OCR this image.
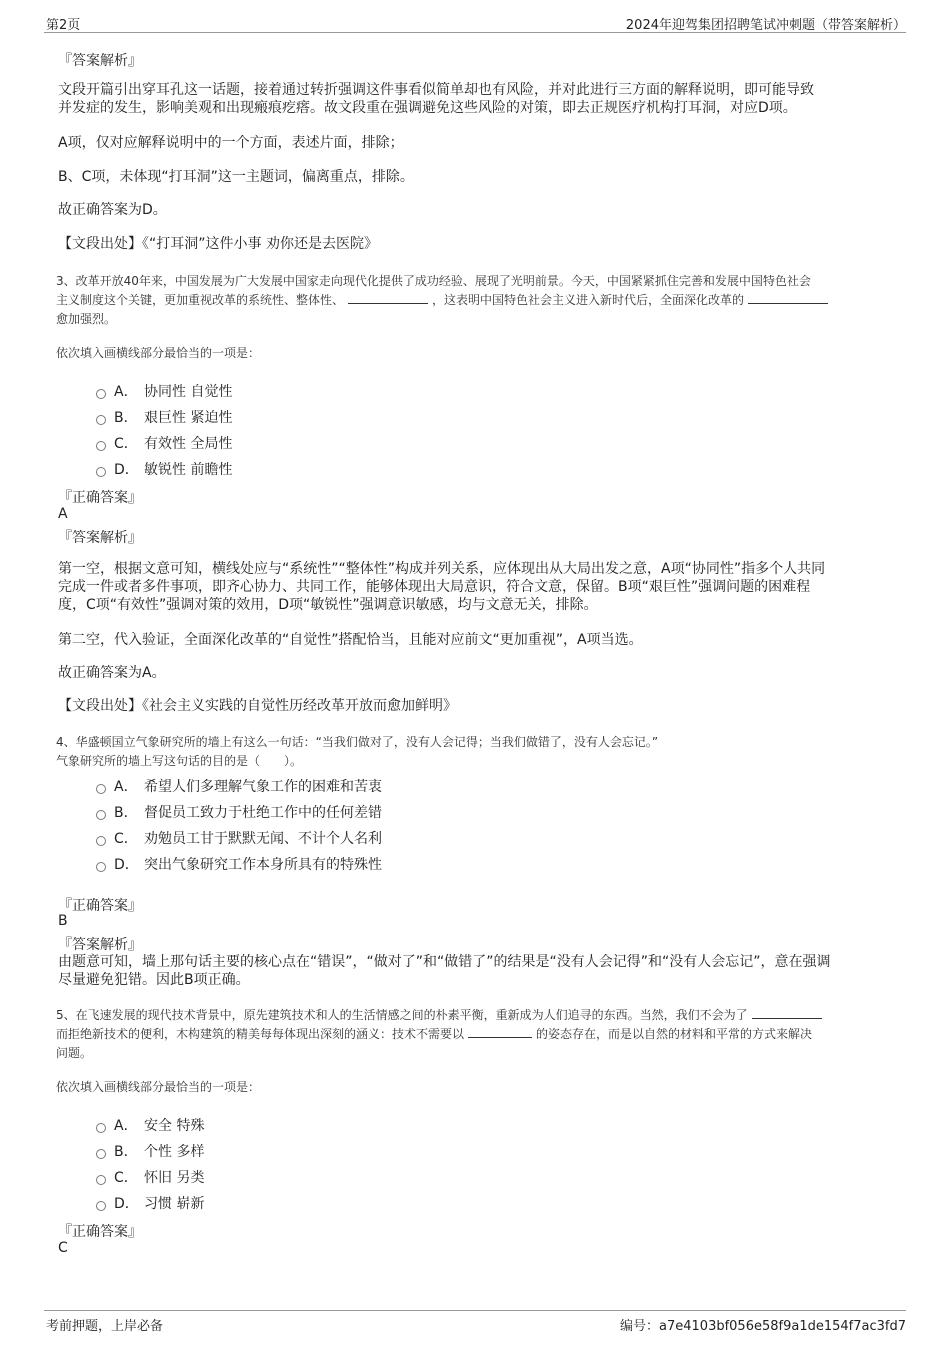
第2页	2024年迎驾集团招聘笔试冲刺题（带答案解析）
『答案解析』
文段开篇引出穿耳孔这一话题，接着通过转折强调这件事看似简单却也有风险，并对此进行三方面的解释说明，即可能导致
并发症的发生，影响美观和出现瘢痕疙瘩。故文段重在强调避免这些风险的对策，即去正规医疗机构打耳洞，对应D项。
A项，仅对应解释说明中的一个方面，表述片面，排除；
B、C项，未体现“打耳洞”这一主题词，偏离重点，排除。
故正确答案为D。
【文段出处】《“打耳洞”这件小事 劝你还是去医院》
3、改革开放40年来，中国发展为广大发展中国家走向现代化提供了成功经验、展现了光明前景。今天，中国紧紧抓住完善和发展中国特色社会
主义制度这个关键，更加重视改革的系统性、整体性、	，这表明中国特色社会主义进入新时代后，全面深化改革的
愈加强烈。
依次填入画横线部分最恰当的一项是：
A． 协同性 自觉性
B． 艰巨性 紧迫性
C． 有效性 全局性
D． 敏锐性 前瞻性
『正确答案』
A
『答案解析』
第一空，根据文意可知，横线处应与“系统性”“整体性”构成并列关系，应体现出从大局出发之意，A项“协同性”指多个人共同
完成一件或者多件事项，即齐心协力、共同工作，能够体现出大局意识，符合文意，保留。B项“艰巨性”强调问题的困难程
度，C项“有效性”强调对策的效用，D项“敏锐性”强调意识敏感，均与文意无关，排除。
第二空，代入验证，全面深化改革的“自觉性”搭配恰当，且能对应前文“更加重视”，A项当选。
故正确答案为A。
【文段出处】《社会主义实践的自觉性历经改革开放而愈加鲜明》
4、华盛顿国立气象研究所的墙上有这么一句话：“当我们做对了，没有人会记得；当我们做错了，没有人会忘记。”
气象研究所的墙上写这句话的目的是（　　）。
A． 希望人们多理解气象工作的困难和苦衷
B． 督促员工致力于杜绝工作中的任何差错
C． 劝勉员工甘于默默无闻、不计个人名利
D． 突出气象研究工作本身所具有的特殊性
『正确答案』
B
『答案解析』
由题意可知，墙上那句话主要的核心点在“错误”，“做对了”和“做错了”的结果是“没有人会记得”和“没有人会忘记”，意在强调
尽量避免犯错。因此B项正确。
5、在飞速发展的现代技术背景中，原先建筑技术和人的生活情感之间的朴素平衡，重新成为人们追寻的东西。当然，我们不会为了
而拒绝新技术的便利，木构建筑的精美每每体现出深刻的涵义：技术不需要以	的姿态存在，而是以自然的材料和平常的方式来解决
问题。
依次填入画横线部分最恰当的一项是：
A． 安全 特殊
B． 个性 多样
C． 怀旧 另类
D． 习惯 崭新
『正确答案』
C
考前押题，上岸必备	编号：a7e4103bf056e58f9a1de154f7ac3fd7
